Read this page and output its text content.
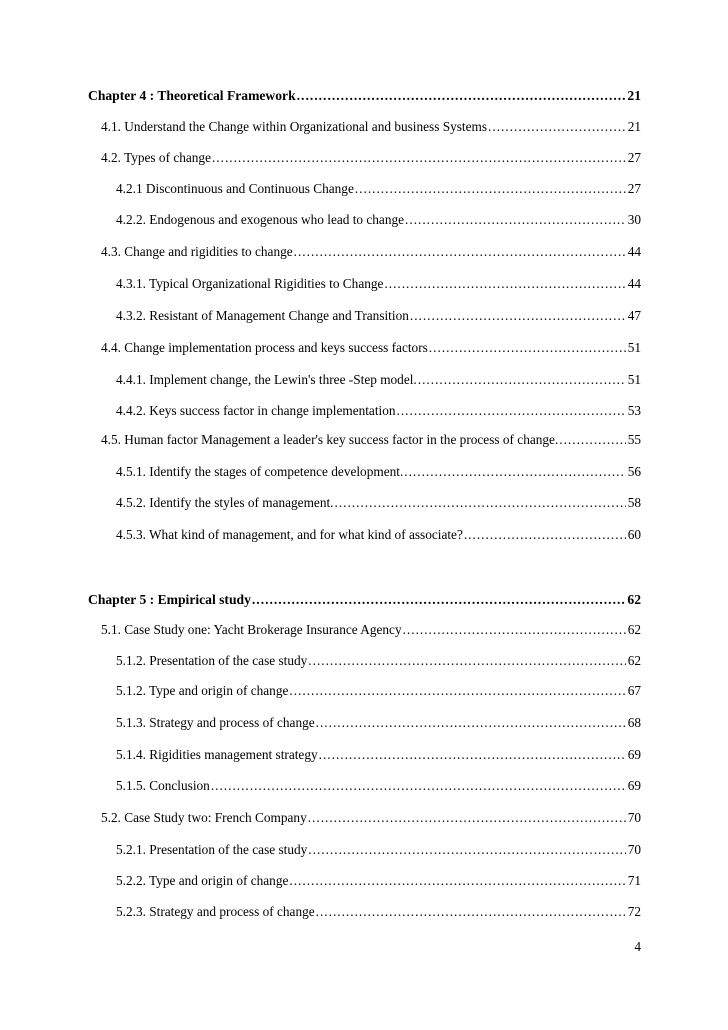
Chapter 4 : Theoretical Framework .....	21
4.1. Understand the Change within Organizational and business Systems .....	21
4.2. Types of change .....	27
4.2.1 Discontinuous and Continuous Change .....	27
4.2.2. Endogenous and exogenous who lead to change .....	30
4.3. Change and rigidities to change .....	44
4.3.1. Typical Organizational Rigidities to Change .....	44
4.3.2. Resistant of Management Change and Transition .....	47
4.4. Change implementation process and keys success factors .....	51
4.4.1. Implement change, the Lewin's three -Step model. .....	51
4.4.2. Keys success factor in change implementation .....	53
4.5. Human factor Management a leader's key success factor in the process of change. .....	55
4.5.1. Identify the stages of competence development. .....	56
4.5.2. Identify the styles of management. .....	58
4.5.3. What kind of management, and for what kind of associate? .....	60
Chapter 5 : Empirical study .....	62
5.1. Case Study one: Yacht Brokerage Insurance Agency .....	62
5.1.2. Presentation of the case study .....	62
5.1.2. Type and origin of change .....	67
5.1.3. Strategy and process of change .....	68
5.1.4. Rigidities management strategy .....	69
5.1.5. Conclusion .....	69
5.2. Case Study two: French Company .....	70
5.2.1. Presentation of the case study .....	70
5.2.2. Type and origin of change .....	71
5.2.3. Strategy and process of change .....	72
4
